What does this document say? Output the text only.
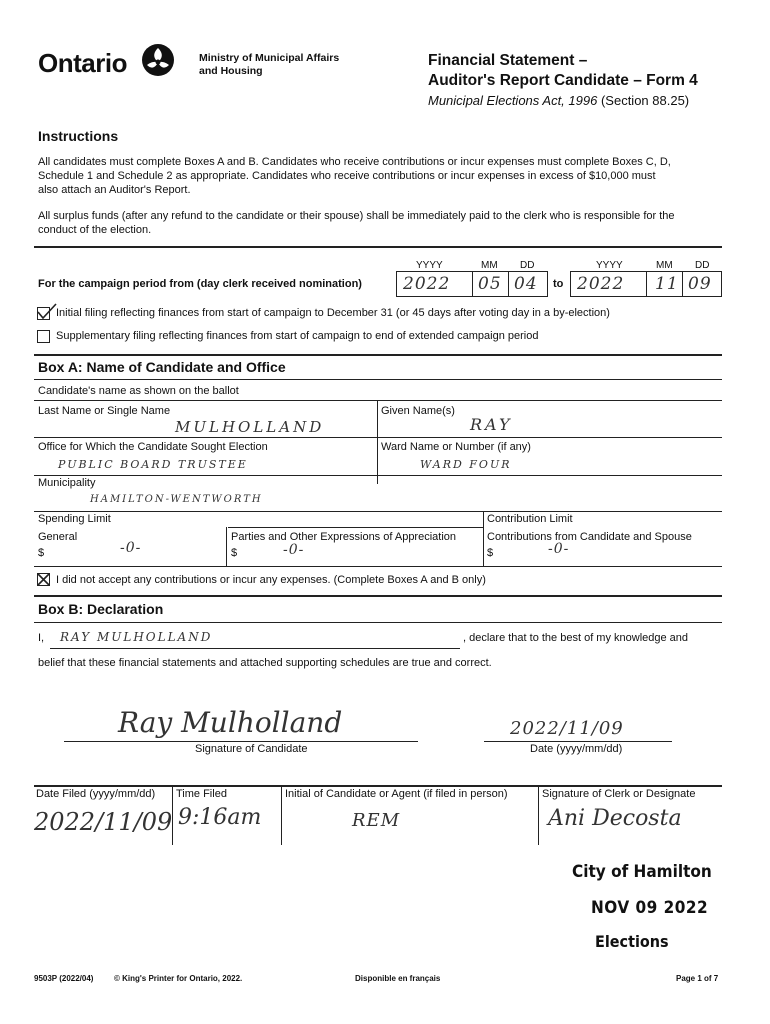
Ontario	Ministry of Municipal Affairs and Housing
Financial Statement –
Auditor's Report Candidate – Form 4
Municipal Elections Act, 1996 (Section 88.25)
Instructions
All candidates must complete Boxes A and B. Candidates who receive contributions or incur expenses must complete Boxes C, D, Schedule 1 and Schedule 2 as appropriate. Candidates who receive contributions or incur expenses in excess of $10,000 must also attach an Auditor's Report.
All surplus funds (after any refund to the candidate or their spouse) shall be immediately paid to the clerk who is responsible for the conduct of the election.
For the campaign period from (day clerk received nomination)
YYYY	MM DD	YYYY	MM DD
2022 05 04 to 2022 11 09
Initial filing reflecting finances from start of campaign to December 31 (or 45 days after voting day in a by-election)
Supplementary filing reflecting finances from start of campaign to end of extended campaign period
Box A: Name of Candidate and Office
Candidate's name as shown on the ballot
Last Name or Single Name
MULHOLLAND
Given Name(s)
RAY
Office for Which the Candidate Sought Election
PUBLIC BOARD TRUSTEE
Ward Name or Number (if any)
WARD FOUR
Municipality
HAMILTON-WENTWORTH
Spending Limit	Contribution Limit
General
$	-0-
Parties and Other Expressions of Appreciation
$	-0-
Contributions from Candidate and Spouse
$	-0-
I did not accept any contributions or incur any expenses. (Complete Boxes A and B only)
Box B: Declaration
I, RAY MULHOLLAND	, declare that to the best of my knowledge and
belief that these financial statements and attached supporting schedules are true and correct.
Ray Mulholland
Signature of Candidate
2022/11/09
Date (yyyy/mm/dd)
Date Filed (yyyy/mm/dd) Time Filed	Initial of Candidate or Agent (if filed in person)	Signature of Clerk or Designate
2022/11/09 9:16am	REM	Ani Decosta
City of Hamilton
NOV 09 2022
Elections
9503P (2022/04)	© King's Printer for Ontario, 2022.	Disponible en français	Page 1 of 7
